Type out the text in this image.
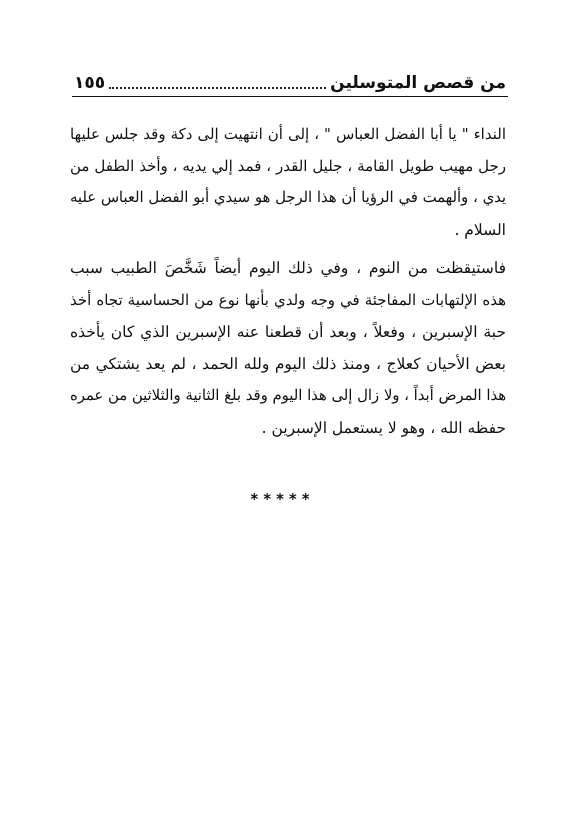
من قصص المتوسلين
١٥٥
النداء " يا أبا الفضل العباس " ، إلى أن انتهيت إلى دكة وقد جلس عليها
رجل مهيب طويل القامة ، جليل القدر ، فمد إلي يديه ، وأخذ الطفل من
يدي ، وألهمت في الرؤيا أن هذا الرجل هو سيدي أبو الفضل العباس عليه
السلام .
فاستيقظت من النوم ، وفي ذلك اليوم أيضاً شَخَّصَ الطبيب سبب
هذه الإلتهابات المفاجئة في وجه ولدي بأنها نوع من الحساسية تجاه أخذ
حبة الإسبرين ، وفعلاً ، وبعد أن قطعنا عنه الإسبرين الذي كان يأخذه
بعض الأحيان كعلاج ، ومنذ ذلك اليوم ولله الحمد ، لم يعد يشتكي من
هذا المرض أبداً ، ولا زال إلى هذا اليوم وقد بلغ الثانية والثلاثين من عمره
حفظه الله ، وهو لا يستعمل الإسبرين .
*****
